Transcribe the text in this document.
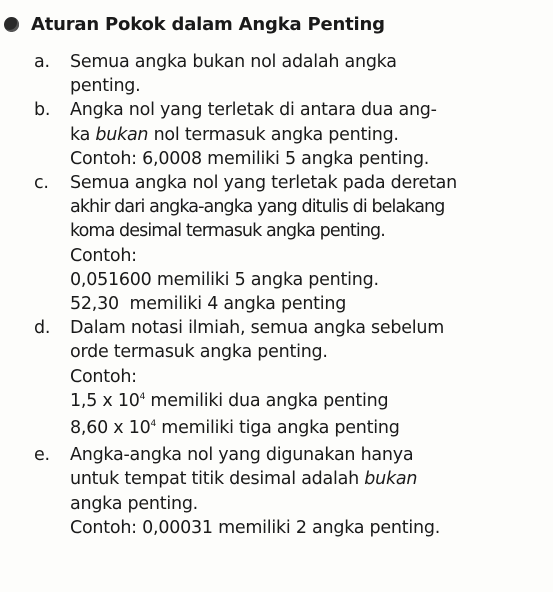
Aturan Pokok dalam Angka Penting
a. Semua angka bukan nol adalah angka
penting.
b. Angka nol yang terletak di antara dua ang-
ka bukan nol termasuk angka penting.
Contoh: 6,0008 memiliki 5 angka penting.
c. Semua angka nol yang terletak pada deretan
akhir dari angka-angka yang ditulis di belakang
koma desimal termasuk angka penting.
Contoh:
0,051600 memiliki 5 angka penting.
52,30  memiliki 4 angka penting
d. Dalam notasi ilmiah, semua angka sebelum
orde termasuk angka penting.
Contoh:
1,5 x $10^4$ memiliki dua angka penting
8,60 x $10^4$ memiliki tiga angka penting
e. Angka-angka nol yang digunakan hanya
untuk tempat titik desimal adalah bukan
angka penting.
Contoh: 0,00031 memiliki 2 angka penting.
